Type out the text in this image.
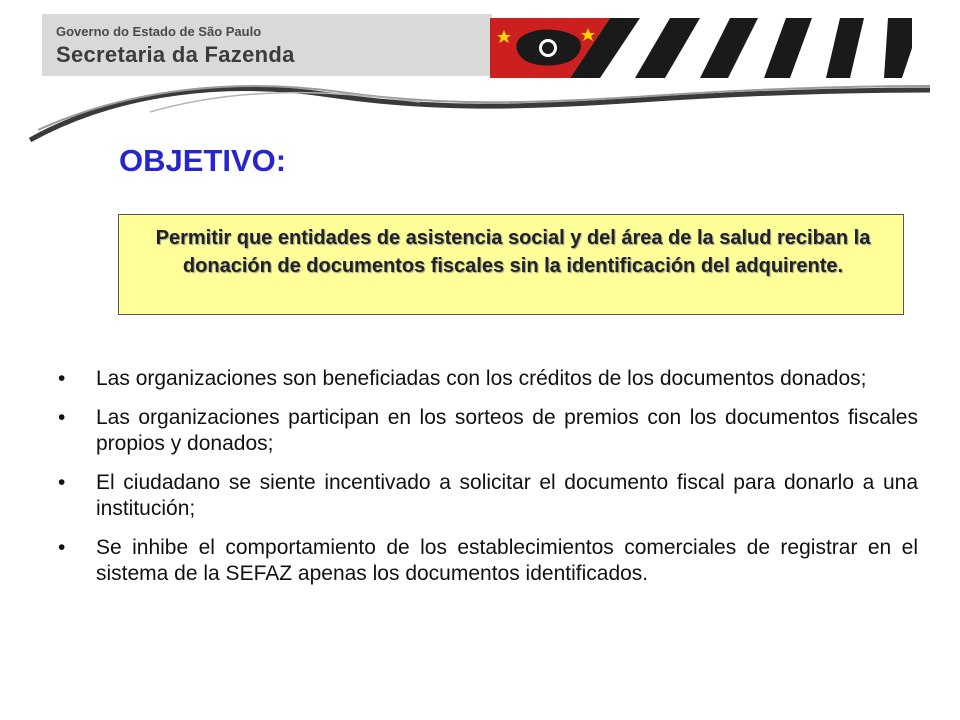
Governo do Estado de São Paulo
Secretaria da Fazenda
OBJETIVO:
Permitir que entidades de asistencia social y del área de la salud reciban la donación de documentos fiscales sin la identificación del adquirente.
• Las organizaciones son beneficiadas con los créditos de los documentos donados;
• Las organizaciones participan en los sorteos de premios con los documentos fiscales propios y donados;
• El ciudadano se siente incentivado a solicitar el documento fiscal para donarlo a una institución;
• Se inhibe el comportamiento de los establecimientos comerciales de registrar en el sistema de la SEFAZ apenas los documentos identificados.
